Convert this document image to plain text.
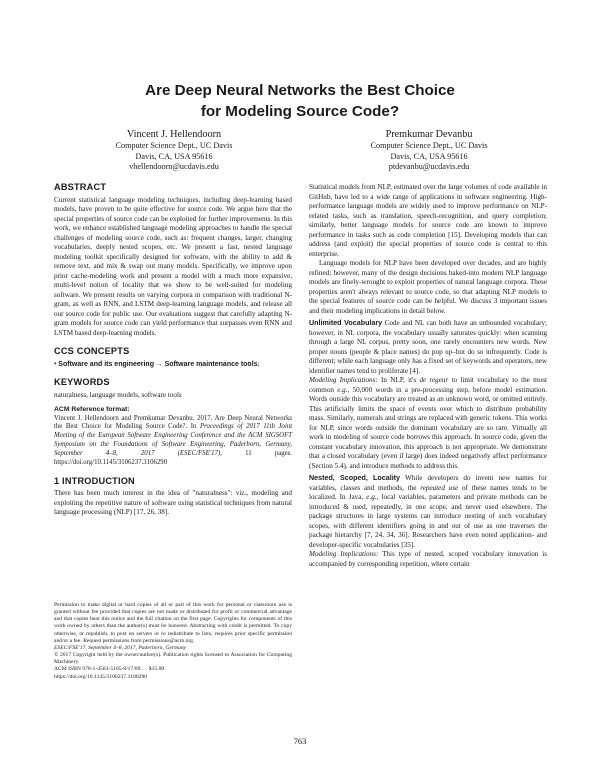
Are Deep Neural Networks the Best Choice
for Modeling Source Code?
Vincent J. Hellendoorn
Computer Science Dept., UC Davis
Davis, CA, USA 95616
vhellendoorn@ucdavis.edu
Premkumar Devanbu
Computer Science Dept., UC Davis
Davis, CA, USA 95616
ptdevanbu@ucdavis.edu
ABSTRACT

Current statistical language modeling techniques, including deep-learning based models, have proven to be quite effective for source code. We argue here that the special properties of source code can be exploited for further improvements. In this work, we enhance established language modeling approaches to handle the special challenges of modeling source code, such as: frequent changes, larger, changing vocabularies, deeply nested scopes, etc. We present a fast, nested language modeling toolkit specifically designed for software, with the ability to add & remove text, and mix & swap out many models. Specifically, we improve upon prior cache-modeling work and present a model with a much more expansive, multi-level notion of locality that we show to be well-suited for modeling software. We present results on varying corpora in comparison with traditional N-gram, as well as RNN, and LSTM deep-learning language models, and release all our source code for public use. Our evaluations suggest that carefully adapting N-gram models for source code can yield performance that surpasses even RNN and LSTM based deep-learning models.

CCS CONCEPTS

• Software and its engineering → Software maintenance tools;

KEYWORDS

naturalness, language models, software tools

ACM Reference format:

Vincent J. Hellendoorn and Premkumar Devanbu. 2017. Are Deep Neural Networks the Best Choice for Modeling Source Code?. In Proceedings of 2017 11th Joint Meeting of the European Software Engineering Conference and the ACM SIGSOFT Symposium on the Foundations of Software Engineering, Paderborn, Germany, September 4–8, 2017 (ESEC/FSE'17), 11 pages. https://doi.org/10.1145/3106237.3106290

1 INTRODUCTION

There has been much interest in the idea of "naturalness": viz., modeling and exploiting the repetitive nature of software using statistical techniques from natural language processing (NLP) [17, 26, 38].

Permission to make digital or hard copies of all or part of this work for personal or classroom use is granted without fee provided that copies are not made or distributed for profit or commercial advantage and that copies bear this notice and the full citation on the first page. Copyrights for components of this work owned by others than the author(s) must be honored. Abstracting with credit is permitted. To copy otherwise, or republish, to post on servers or to redistribute to lists, requires prior specific permission and/or a fee. Request permissions from permissions@acm.org.

ESEC/FSE'17, September 4–8, 2017, Paderborn, Germany

© 2017 Copyright held by the owner/author(s). Publication rights licensed to Association for Computing Machinery.

ACM ISBN 978-1-4503-5105-8/17/09. . . $15.00

https://doi.org/10.1145/3106237.3106290

Statistical models from NLP, estimated over the large volumes of code available in GitHub, have led to a wide range of applications in software engineering. High-performance language models are widely used to improve performance on NLP-related tasks, such as translation, speech-recognition, and query completion; similarly, better language models for source code are known to improve performance in tasks such as code completion [15]. Developing models that can address (and exploit) the special properties of source code is central to this enterprise.

Language models for NLP have been developed over decades, and are highly refined; however, many of the design decisions baked-into modern NLP language models are finely-wrought to exploit properties of natural language corpora. These properties aren't always relevant to source code, so that adapting NLP models to the special features of source code can be helpful. We discuss 3 important issues and their modeling implications in detail below.

Unlimited Vocabulary Code and NL can both have an unbounded vocabulary; however, in NL corpora, the vocabulary usually saturates quickly: when scanning through a large NL corpus, pretty soon, one rarely encounters new words. New proper nouns (people & place names) do pop up–but do so infrequently. Code is different; while each language only has a fixed set of keywords and operators, new identifier names tend to proliferate [4].

Modeling Implications: In NLP, it's de regeur to limit vocabulary to the most common e.g., 50,000 words in a pre-processing step, before model estimation. Words outside this vocabulary are treated as an unknown word, or omitted entirely. This artificially limits the space of events over which to distribute probability mass. Similarly, numerals and strings are replaced with generic tokens. This works for NLP, since words outside the dominant vocabulary are so rare. Virtually all work in modeling of source code borrows this approach. In source code, given the constant vocabulary innovation, this approach is not appropriate. We demonstrate that a closed vocabulary (even if large) does indeed negatively affect performance (Section 5.4), and introduce methods to address this.

Nested, Scoped, Locality While developers do invent new names for variables, classes and methods, the repeated use of these names tends to be localized. In Java, e.g., local variables, parameters and private methods can be introduced & used, repeatedly, in one scope, and never used elsewhere. The package structures in large systems can introduce nesting of such vocabulary scopes, with different identifiers going in and out of use as one traverses the package hierarchy [7, 24, 34, 36]. Researchers have even noted application- and developer-specific vocabularies [35].

Modeling Implications: This type of nested, scoped vocabulary innovation is accompanied by corresponding repetition, where certain

763
